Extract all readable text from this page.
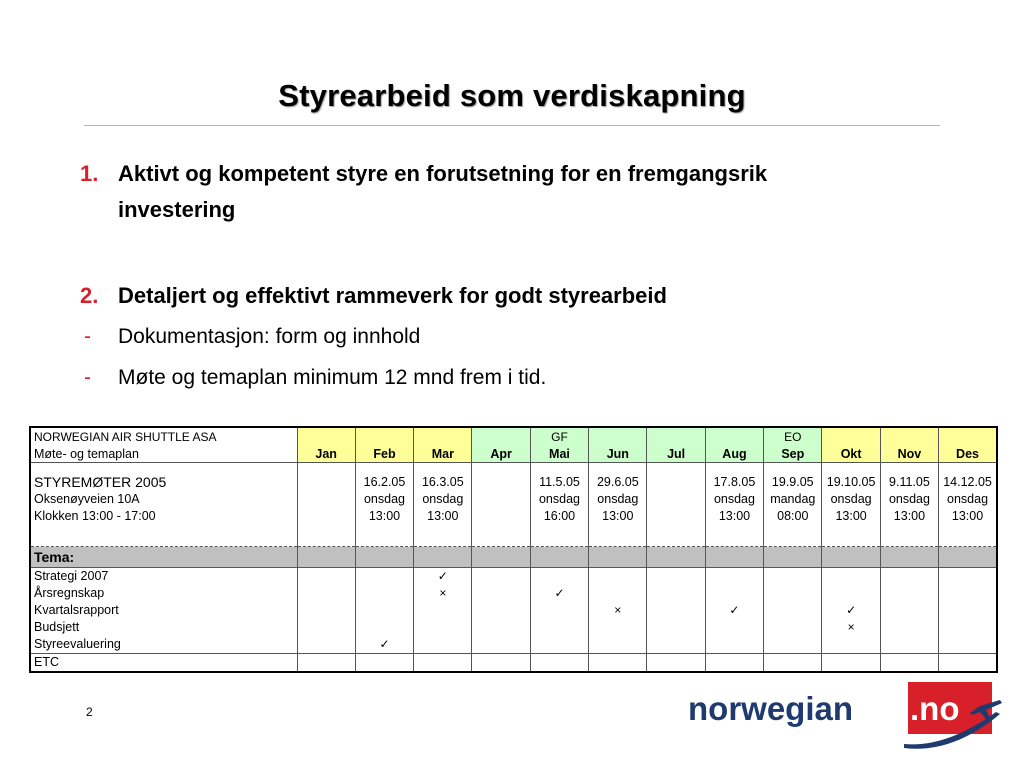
Styrearbeid som verdiskapning
1. Aktivt og kompetent styre en forutsetning for en fremgangsrik investering
2. Detaljert og effektivt rammeverk for godt styrearbeid
- Dokumentasjon: form og innhold
- Møte og temaplan minimum 12 mnd frem i tid.
NORWEGIAN AIR SHUTTLE ASA					GF				EO			
Møte- og temaplan	Jan	Feb	Mar	Apr	Mai	Jun	Jul	Aug	Sep	Okt	Nov	Des

STYREMØTER 2005		16.2.05	16.3.05		11.5.05	29.6.05		17.8.05	19.9.05	19.10.05	9.11.05	14.12.05
Oksenøyveien 10A		onsdag	onsdag		onsdag	onsdag		onsdag	mandag	onsdag	onsdag	onsdag
Klokken 13:00 - 17:00		13:00	13:00		16:00	13:00		13:00	08:00	13:00	13:00	13:00

Tema:												
Strategi 2007			✓									
Årsregnskap			×		✓							
Kvartalsrapport						×		✓		✓		
Budsjett										×		
Styreevaluering		✓										
ETC												
2	norwegian .no
